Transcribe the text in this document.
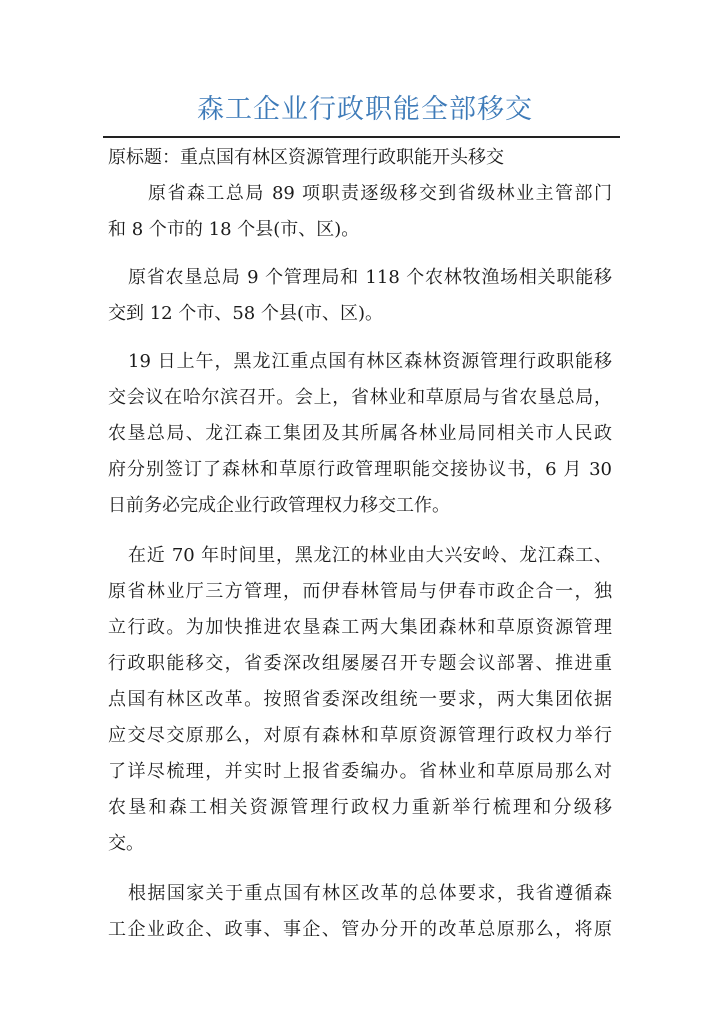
森工企业行政职能全部移交
原标题：重点国有林区资源管理行政职能开头移交
原省森工总局 89 项职责逐级移交到省级林业主管部门
和 8 个市的 18 个县(市、区)。
原省农垦总局 9 个管理局和 118 个农林牧渔场相关职能移
交到 12 个市、58 个县(市、区)。
19 日上午，黑龙江重点国有林区森林资源管理行政职能移
交会议在哈尔滨召开。会上，省林业和草原局与省农垦总局，
农垦总局、龙江森工集团及其所属各林业局同相关市人民政
府分别签订了森林和草原行政管理职能交接协议书，6 月 30
日前务必完成企业行政管理权力移交工作。
在近 70 年时间里，黑龙江的林业由大兴安岭、龙江森工、
原省林业厅三方管理，而伊春林管局与伊春市政企合一，独
立行政。为加快推进农垦森工两大集团森林和草原资源管理
行政职能移交，省委深改组屡屡召开专题会议部署、推进重
点国有林区改革。按照省委深改组统一要求，两大集团依据
应交尽交原那么，对原有森林和草原资源管理行政权力举行
了详尽梳理，并实时上报省委编办。省林业和草原局那么对
农垦和森工相关资源管理行政权力重新举行梳理和分级移
交。
根据国家关于重点国有林区改革的总体要求，我省遵循森
工企业政企、政事、事企、管办分开的改革总原那么，将原
